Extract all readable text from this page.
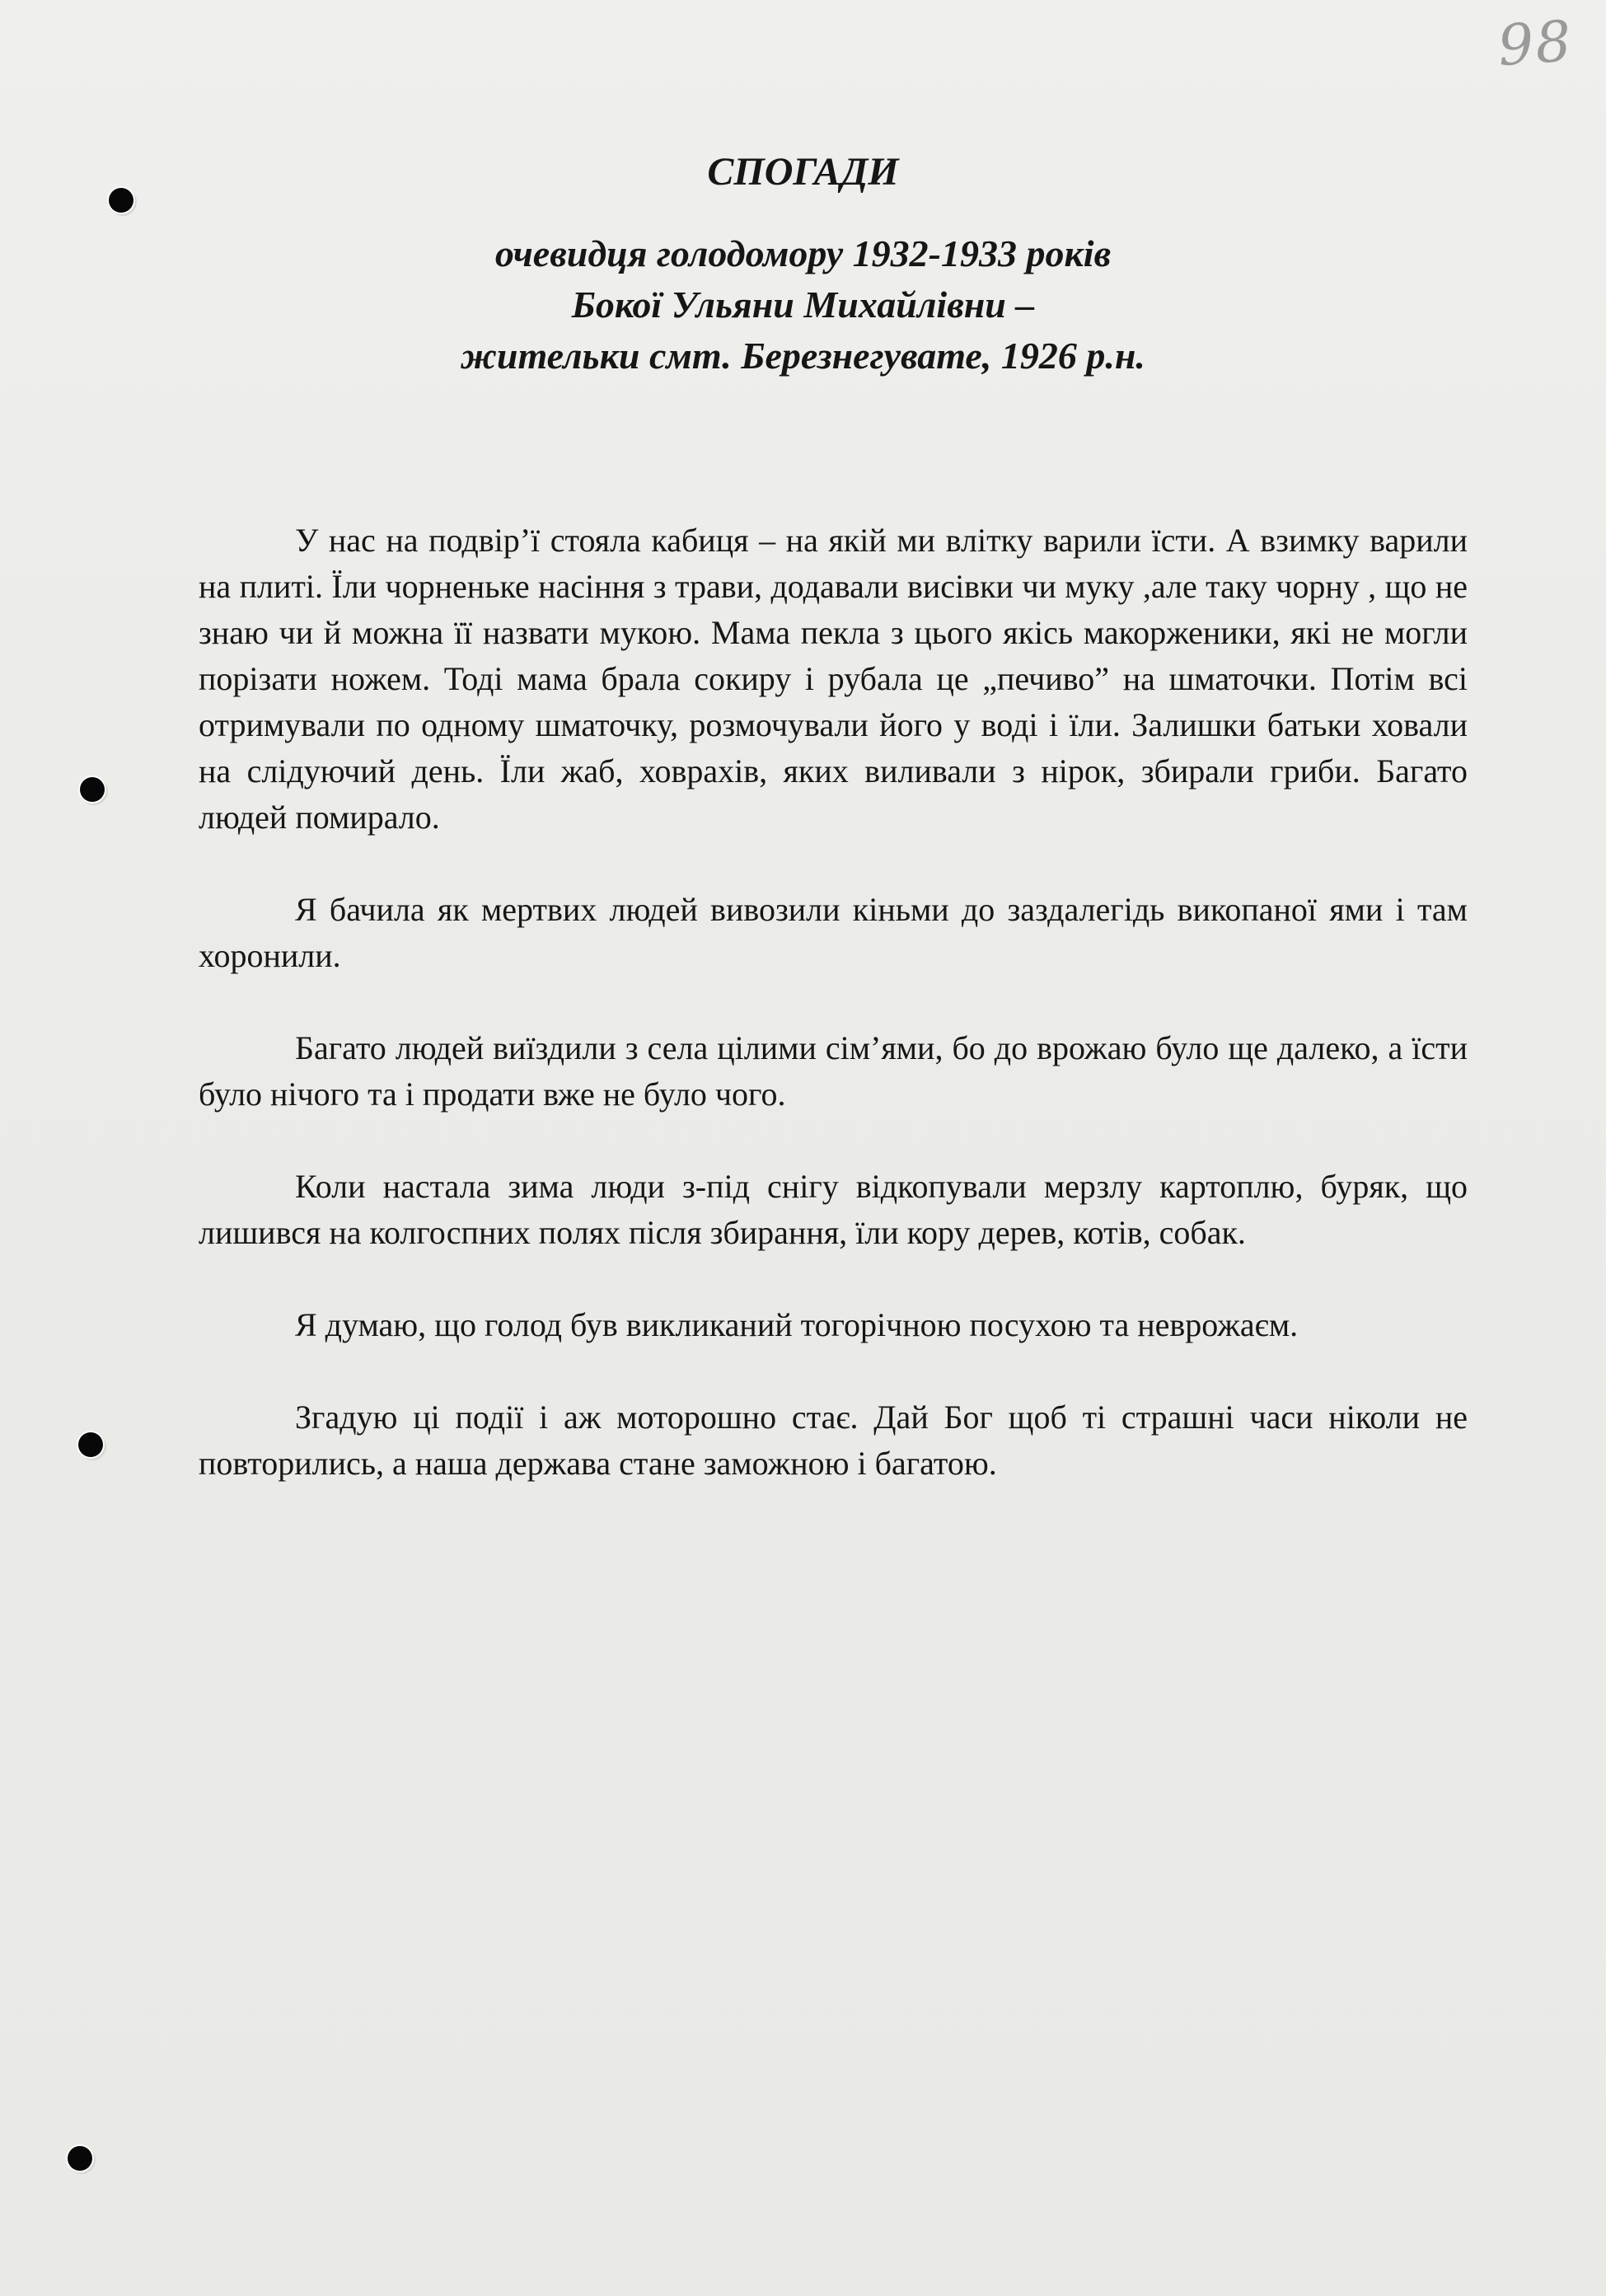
98
СПОГАДИ
очевидця голодомору 1932-1933 років
Бокої Ульяни Михайлівни –
жительки смт. Березнегувате, 1926 р.н.

У нас на подвір’ї стояла кабиця – на якій ми влітку варили їсти. А взимку варили на плиті. Їли чорненьке насіння з трави, додавали висівки чи муку ,але таку чорну , що не знаю чи й можна її назвати мукою. Мама пекла з цього якісь макорженики, які не могли порізати ножем. Тоді мама брала сокиру і рубала це „печиво” на шматочки. Потім всі отримували по одному шматочку, розмочували його у воді і їли. Залишки батьки ховали на слідуючий день. Їли жаб, ховрахів, яких виливали з нірок, збирали гриби. Багато людей помирало.

Я бачила як мертвих людей вивозили кіньми до заздалегідь викопаної ями і там хоронили.

Багато людей виїздили з села цілими сім’ями, бо до врожаю було ще далеко, а їсти було нічого та і продати вже не було чого.

Коли настала зима люди з-під снігу відкопували мерзлу картоплю, буряк, що лишився на колгоспних полях після збирання, їли кору дерев, котів, собак.

Я думаю, що голод був викликаний тогорічною посухою та неврожаєм.

Згадую ці події і аж моторошно стає. Дай Бог щоб ті страшні часи ніколи не повторились, а наша держава стане заможною і багатою.
